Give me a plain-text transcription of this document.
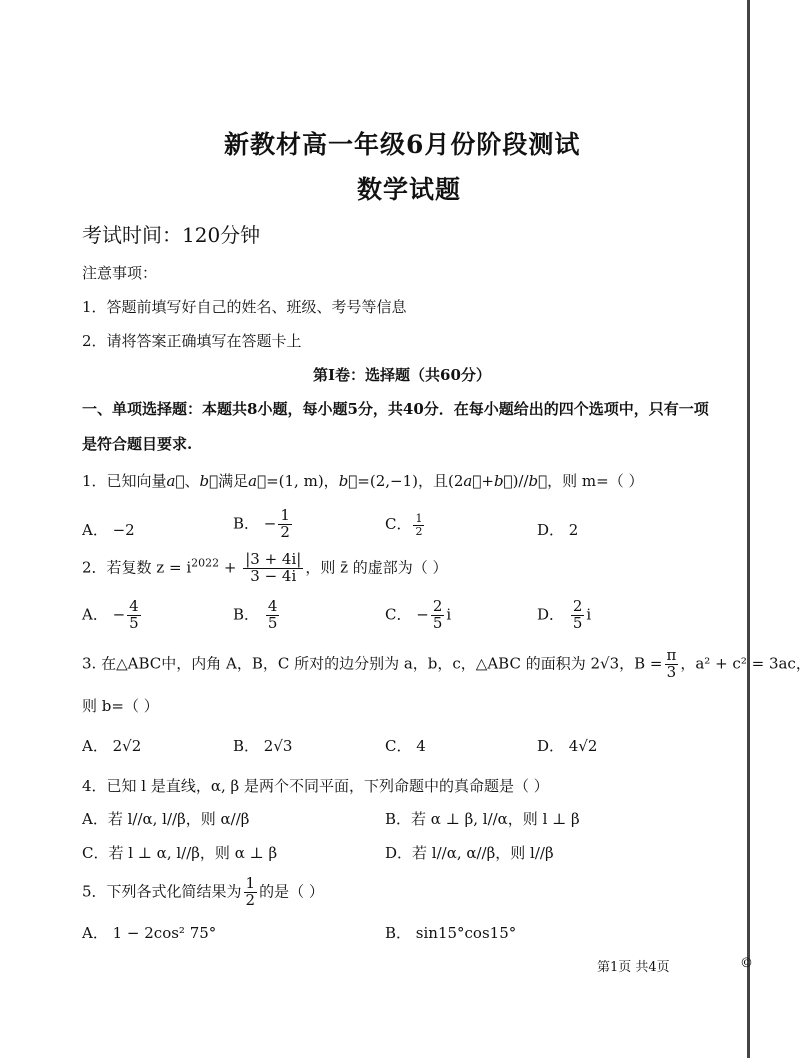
新教材高一年级6月份阶段测试
数学试题
考试时间：120分钟
注意事项：
1．答题前填写好自己的姓名、班级、考号等信息
2．请将答案正确填写在答题卡上
第Ⅰ卷：选择题（共60分）
一、单项选择题：本题共8小题，每小题5分，共40分．在每小题给出的四个选项中，只有一项
是符合题目要求.
1．已知向量a⃗、b⃗满足a⃗=(1, m)，b⃗=(2,−1)，且(2a⃗+b⃗)//b⃗，则 m=（ ）
A． −2	B． − $\frac{1}{2}$	C． $\frac{1}{2}$	D． 2
2．若复数 $z = i^{2022} + \frac{|3 + 4i|}{3 - 4i}$ ，则 z̄ 的虚部为（ ）
A． − $\frac{4}{5}$	B． $\frac{4}{5}$	C． − $\frac{2}{5}$ i	D． $\frac{2}{5}$ i
3. 在△ABC中，内角 A，B，C 所对的边分别为 a，b，c，△ABC 的面积为 2√3，$B = \frac{\pi}{3}$ ，a² + c² = 3ac，
则 b=（ ）
A． 2√2	B． 2√3	C． 4	D． 4√2
4．已知 l 是直线，α, β 是两个不同平面，下列命题中的真命题是（ ）
A．若 l//α, l//β，则 α//β	B．若 α ⊥ β, l//α，则 l ⊥ β
C．若 l ⊥ α, l//β，则 α ⊥ β	D．若 l//α, α//β，则 l//β
5．下列各式化简结果为 $\frac{1}{2}$ 的是（ ）
A． 1 − 2cos² 75°	B． sin15°cos15°
第1页 共4页	©
